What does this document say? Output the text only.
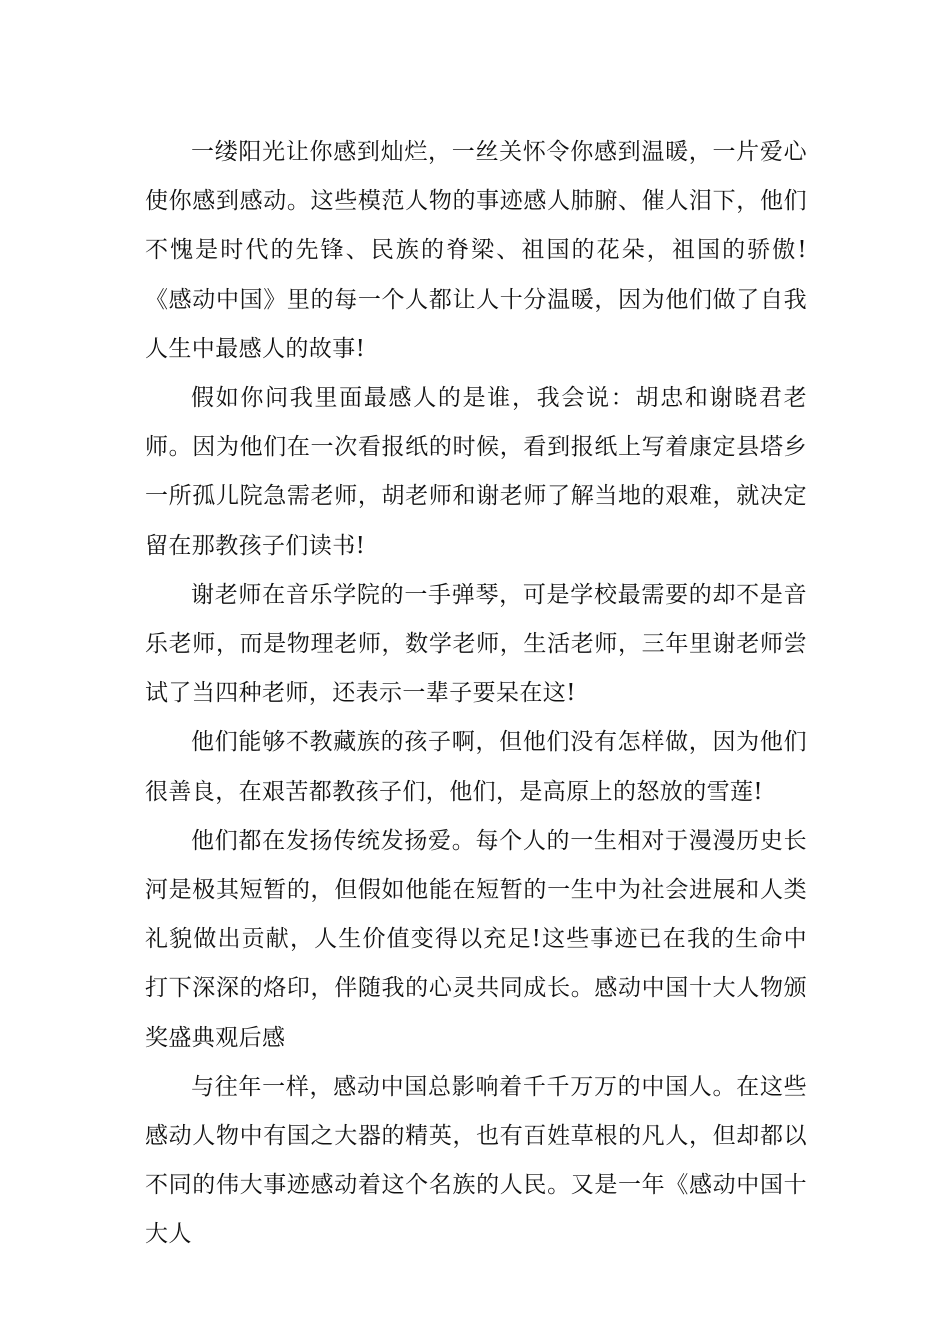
一缕阳光让你感到灿烂，一丝关怀令你感到温暖，一片爱心使你感到感动。这些模范人物的事迹感人肺腑、催人泪下，他们不愧是时代的先锋、民族的脊梁、祖国的花朵，祖国的骄傲!《感动中国》里的每一个人都让人十分温暖，因为他们做了自我人生中最感人的故事!

假如你问我里面最感人的是谁，我会说：胡忠和谢晓君老师。因为他们在一次看报纸的时候，看到报纸上写着康定县塔乡一所孤儿院急需老师，胡老师和谢老师了解当地的艰难，就决定留在那教孩子们读书!

谢老师在音乐学院的一手弹琴，可是学校最需要的却不是音乐老师，而是物理老师，数学老师，生活老师，三年里谢老师尝试了当四种老师，还表示一辈子要呆在这!

他们能够不教藏族的孩子啊，但他们没有怎样做，因为他们很善良，在艰苦都教孩子们，他们，是高原上的怒放的雪莲!

他们都在发扬传统发扬爱。每个人的一生相对于漫漫历史长河是极其短暂的，但假如他能在短暂的一生中为社会进展和人类礼貌做出贡献，人生价值变得以充足!这些事迹已在我的生命中打下深深的烙印，伴随我的心灵共同成长。感动中国十大人物颁奖盛典观后感

与往年一样，感动中国总影响着千千万万的中国人。在这些感动人物中有国之大器的精英，也有百姓草根的凡人，但却都以不同的伟大事迹感动着这个名族的人民。又是一年《感动中国十大人
